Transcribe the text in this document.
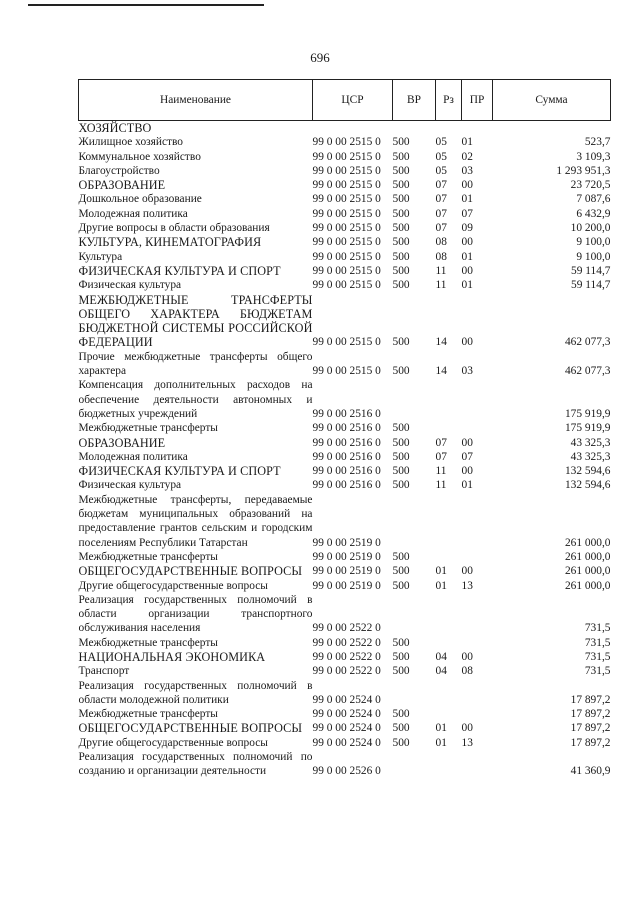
696
Наименование	ЦСР	ВР	Рз	ПР	Сумма
ХОЗЯЙСТВО					
Жилищное хозяйство	99 0 00 2515 0	500	05	01	523,7
Коммунальное хозяйство	99 0 00 2515 0	500	05	02	3 109,3
Благоустройство	99 0 00 2515 0	500	05	03	1 293 951,3
ОБРАЗОВАНИЕ	99 0 00 2515 0	500	07	00	23 720,5
Дошкольное образование	99 0 00 2515 0	500	07	01	7 087,6
Молодежная политика	99 0 00 2515 0	500	07	07	6 432,9
Другие вопросы в области образования	99 0 00 2515 0	500	07	09	10 200,0
КУЛЬТУРА, КИНЕМАТОГРАФИЯ	99 0 00 2515 0	500	08	00	9 100,0
Культура	99 0 00 2515 0	500	08	01	9 100,0
ФИЗИЧЕСКАЯ КУЛЬТУРА И СПОРТ	99 0 00 2515 0	500	11	00	59 114,7
Физическая культура	99 0 00 2515 0	500	11	01	59 114,7
МЕЖБЮДЖЕТНЫЕ ТРАНСФЕРТЫ ОБЩЕГО ХАРАКТЕРА БЮДЖЕТАМ БЮДЖЕТНОЙ СИСТЕМЫ РОССИЙСКОЙ ФЕДЕРАЦИИ	99 0 00 2515 0	500	14	00	462 077,3
Прочие межбюджетные трансферты общего характера	99 0 00 2515 0	500	14	03	462 077,3
Компенсация дополнительных расходов на обеспечение деятельности автономных и бюджетных учреждений	99 0 00 2516 0				175 919,9
Межбюджетные трансферты	99 0 00 2516 0	500			175 919,9
ОБРАЗОВАНИЕ	99 0 00 2516 0	500	07	00	43 325,3
Молодежная политика	99 0 00 2516 0	500	07	07	43 325,3
ФИЗИЧЕСКАЯ КУЛЬТУРА И СПОРТ	99 0 00 2516 0	500	11	00	132 594,6
Физическая культура	99 0 00 2516 0	500	11	01	132 594,6
Межбюджетные трансферты, передаваемые бюджетам муниципальных образований на предоставление грантов сельским и городским поселениям Республики Татарстан	99 0 00 2519 0				261 000,0
Межбюджетные трансферты	99 0 00 2519 0	500			261 000,0
ОБЩЕГОСУДАРСТВЕННЫЕ ВОПРОСЫ	99 0 00 2519 0	500	01	00	261 000,0
Другие общегосударственные вопросы	99 0 00 2519 0	500	01	13	261 000,0
Реализация государственных полномочий в области организации транспортного обслуживания населения	99 0 00 2522 0				731,5
Межбюджетные трансферты	99 0 00 2522 0	500			731,5
НАЦИОНАЛЬНАЯ ЭКОНОМИКА	99 0 00 2522 0	500	04	00	731,5
Транспорт	99 0 00 2522 0	500	04	08	731,5
Реализация государственных полномочий в области молодежной политики	99 0 00 2524 0				17 897,2
Межбюджетные трансферты	99 0 00 2524 0	500			17 897,2
ОБЩЕГОСУДАРСТВЕННЫЕ ВОПРОСЫ	99 0 00 2524 0	500	01	00	17 897,2
Другие общегосударственные вопросы	99 0 00 2524 0	500	01	13	17 897,2
Реализация государственных полномочий по созданию и организации деятельности	99 0 00 2526 0				41 360,9
